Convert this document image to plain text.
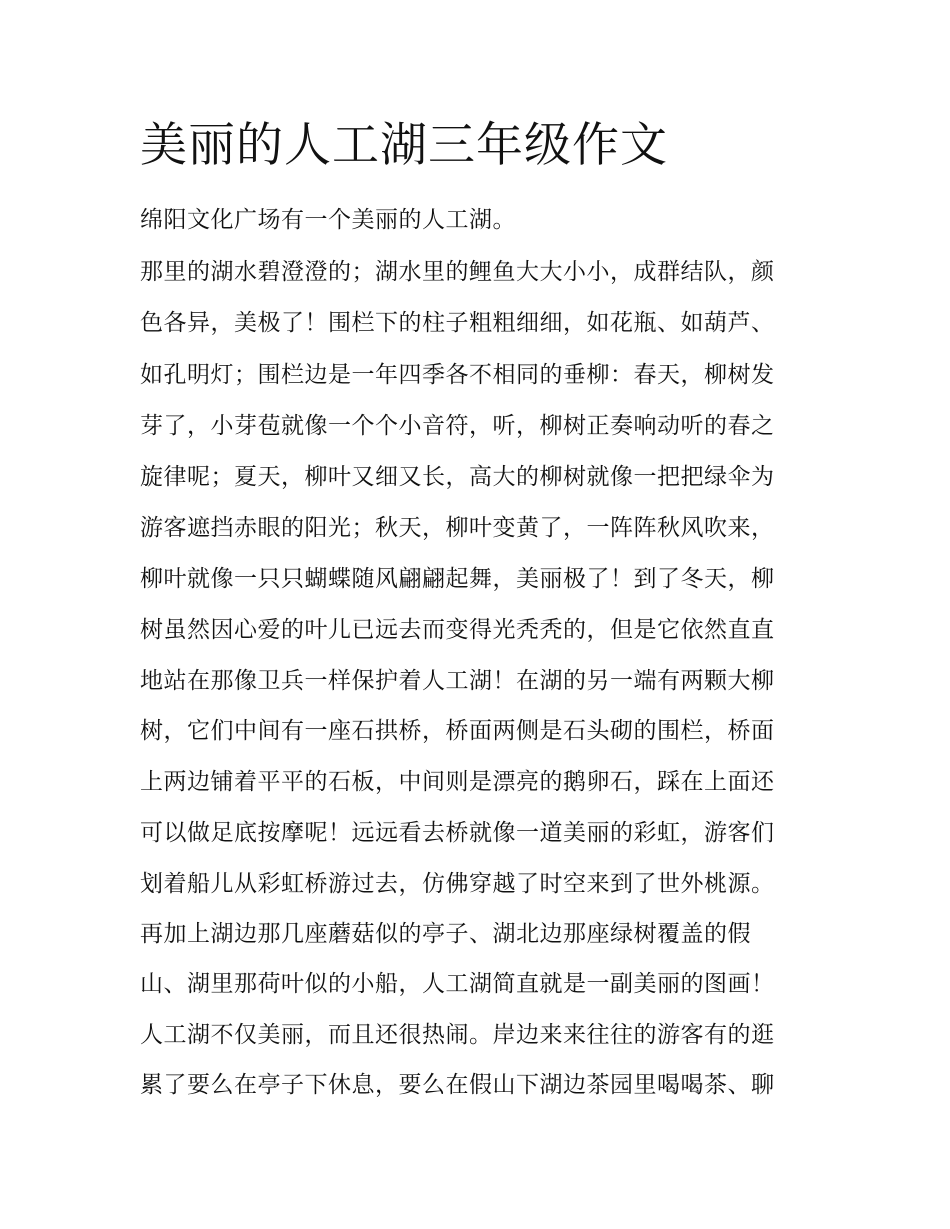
美丽的人工湖三年级作文

绵阳文化广场有一个美丽的人工湖。

那里的湖水碧澄澄的；湖水里的鲤鱼大大小小，成群结队，颜

色各异，美极了！围栏下的柱子粗粗细细，如花瓶、如葫芦、

如孔明灯；围栏边是一年四季各不相同的垂柳：春天，柳树发

芽了，小芽苞就像一个个小音符，听，柳树正奏响动听的春之

旋律呢；夏天，柳叶又细又长，高大的柳树就像一把把绿伞为

游客遮挡赤眼的阳光；秋天，柳叶变黄了，一阵阵秋风吹来，

柳叶就像一只只蝴蝶随风翩翩起舞，美丽极了！到了冬天，柳

树虽然因心爱的叶儿已远去而变得光秃秃的，但是它依然直直

地站在那像卫兵一样保护着人工湖！在湖的另一端有两颗大柳

树，它们中间有一座石拱桥，桥面两侧是石头砌的围栏，桥面

上两边铺着平平的石板，中间则是漂亮的鹅卵石，踩在上面还

可以做足底按摩呢！远远看去桥就像一道美丽的彩虹，游客们

划着船儿从彩虹桥游过去，仿佛穿越了时空来到了世外桃源。

再加上湖边那几座蘑菇似的亭子、湖北边那座绿树覆盖的假

山、湖里那荷叶似的小船，人工湖简直就是一副美丽的图画！

人工湖不仅美丽，而且还很热闹。岸边来来往往的游客有的逛

累了要么在亭子下休息，要么在假山下湖边茶园里喝喝茶、聊
